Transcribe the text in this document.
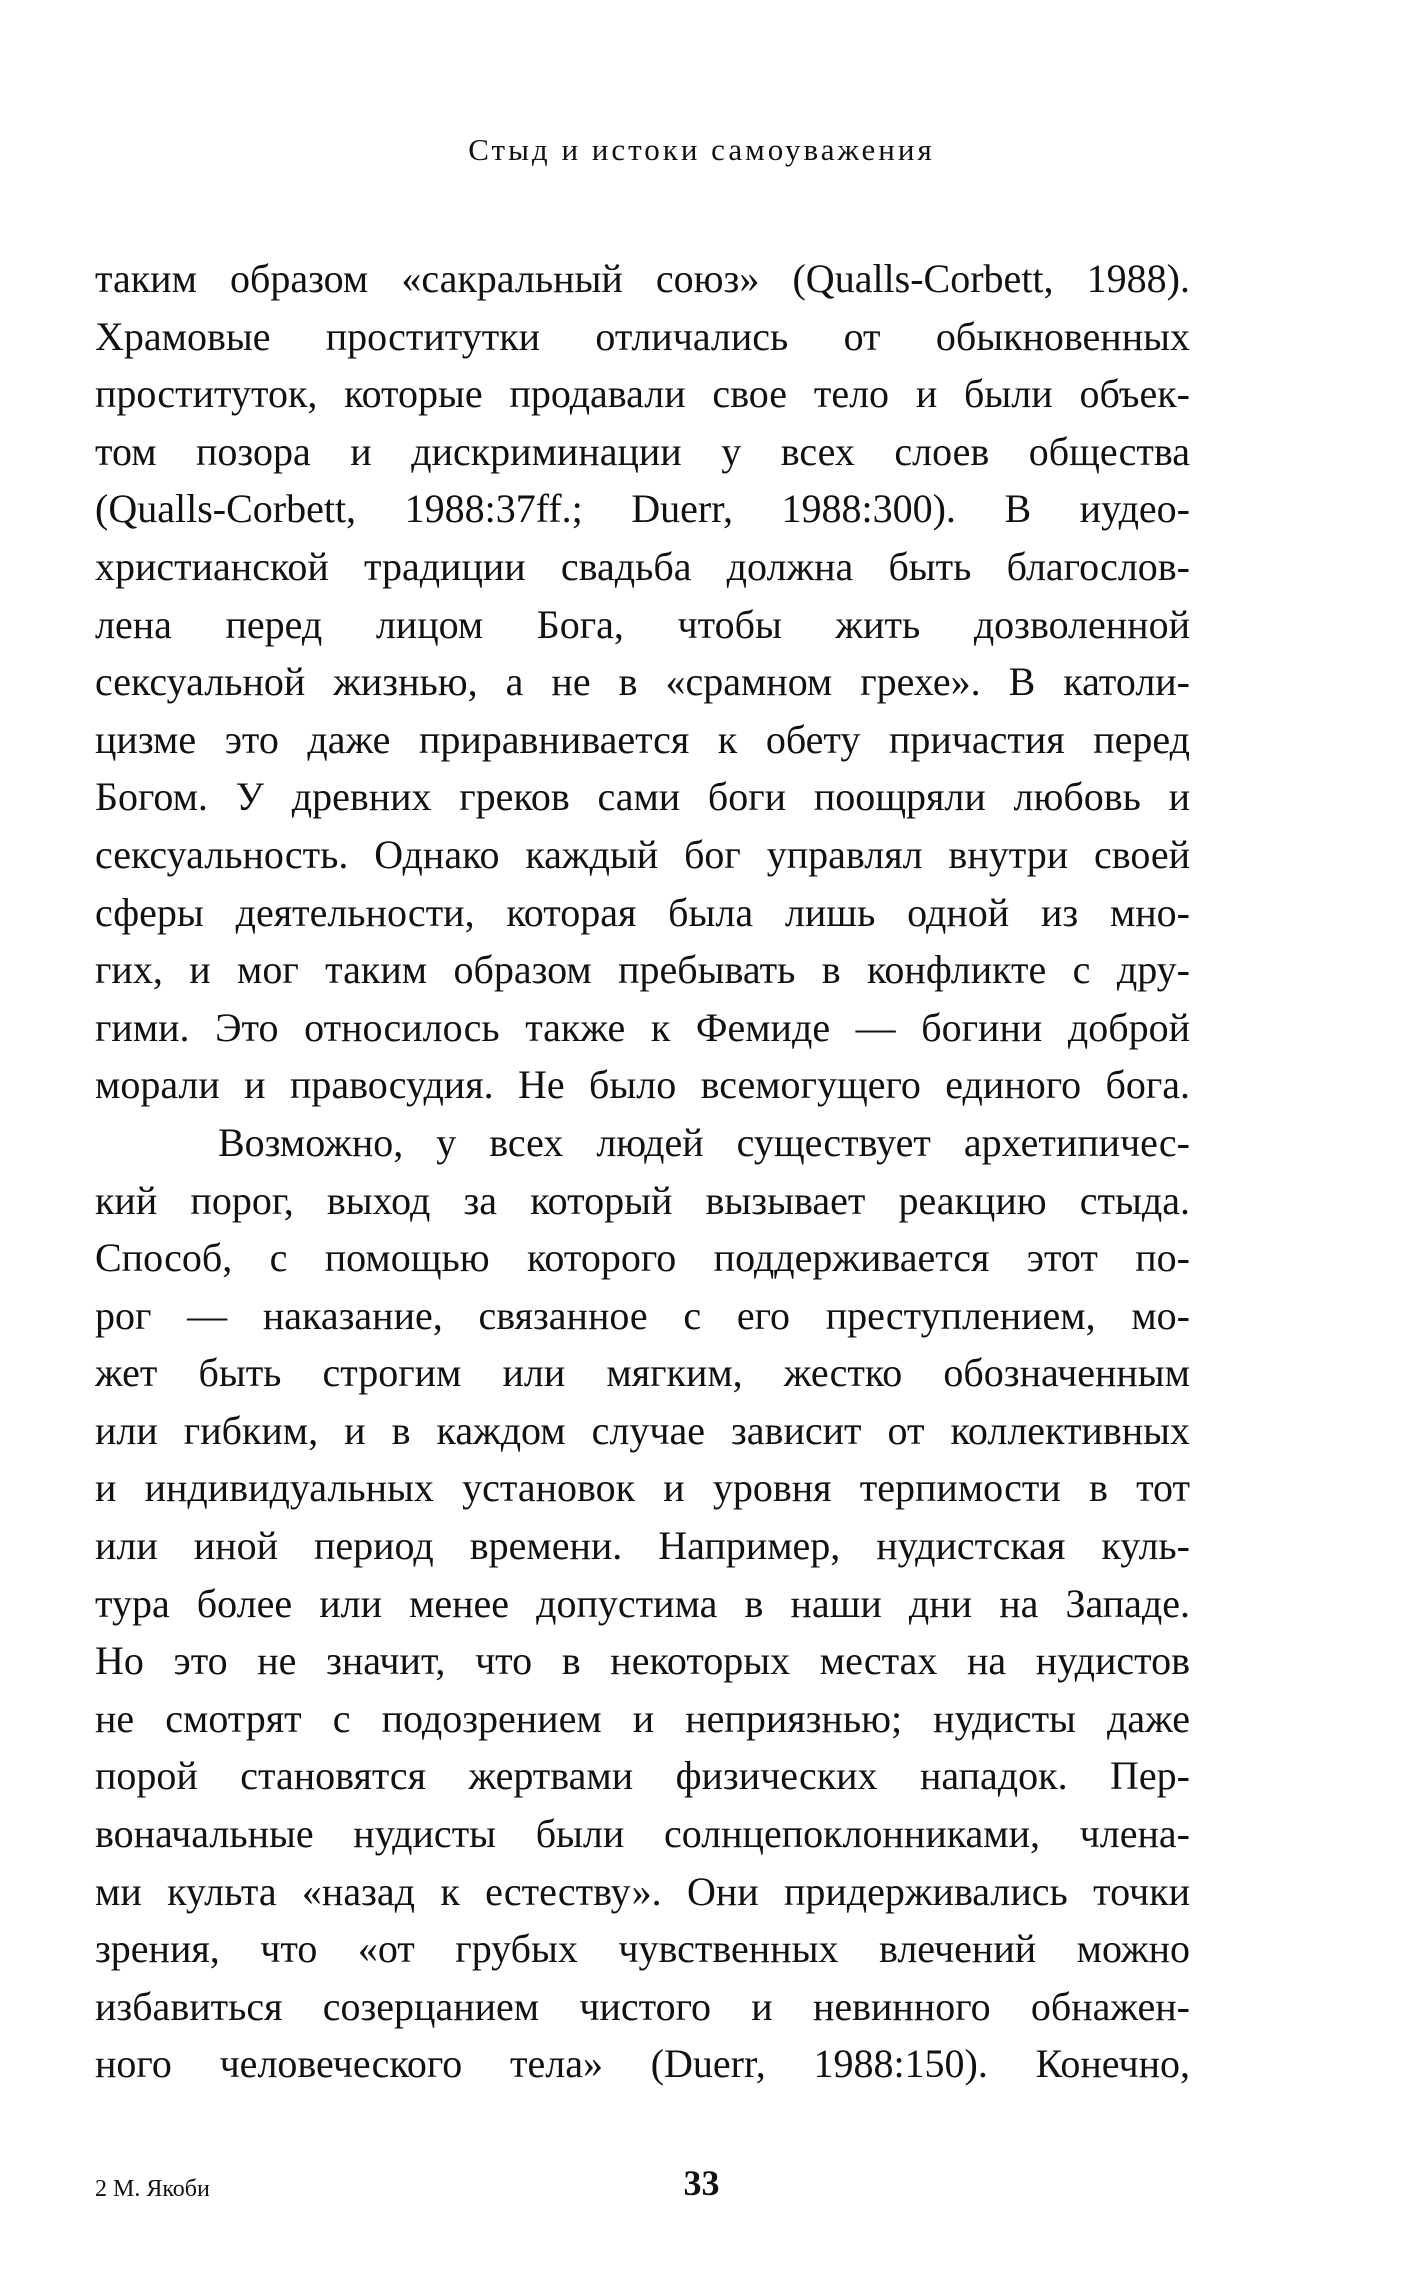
Стыд и истоки самоуважения
таким образом «сакральный союз» (Qualls-Corbett, 1988).
Храмовые проститутки отличались от обыкновенных
проституток, которые продавали свое тело и были объек-
том позора и дискриминации у всех слоев общества
(Qualls-Corbett, 1988:37ff.; Duerr, 1988:300). В иудео-
христианской традиции свадьба должна быть благослов-
лена перед лицом Бога, чтобы жить дозволенной
сексуальной жизнью, а не в «срамном грехе». В католи-
цизме это даже приравнивается к обету причастия перед
Богом. У древних греков сами боги поощряли любовь и
сексуальность. Однако каждый бог управлял внутри своей
сферы деятельности, которая была лишь одной из мно-
гих, и мог таким образом пребывать в конфликте с дру-
гими. Это относилось также к Фемиде — богини доброй
морали и правосудия. Не было всемогущего единого бога.
Возможно, у всех людей существует архетипичес-
кий порог, выход за который вызывает реакцию стыда.
Способ, с помощью которого поддерживается этот по-
рог — наказание, связанное с его преступлением, мо-
жет быть строгим или мягким, жестко обозначенным
или гибким, и в каждом случае зависит от коллективных
и индивидуальных установок и уровня терпимости в тот
или иной период времени. Например, нудистская куль-
тура более или менее допустима в наши дни на Западе.
Но это не значит, что в некоторых местах на нудистов
не смотрят с подозрением и неприязнью; нудисты даже
порой становятся жертвами физических нападок. Пер-
воначальные нудисты были солнцепоклонниками, члена-
ми культа «назад к естеству». Они придерживались точки
зрения, что «от грубых чувственных влечений можно
избавиться созерцанием чистого и невинного обнажен-
ного человеческого тела» (Duerr, 1988:150). Конечно,
2 М. Якоби	33
